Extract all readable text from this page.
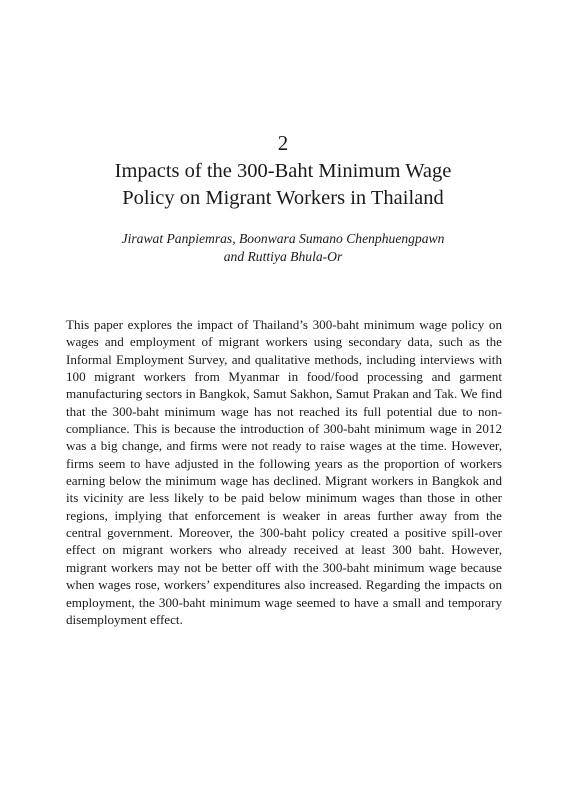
2
Impacts of the 300-Baht Minimum Wage
Policy on Migrant Workers in Thailand
Jirawat Panpiemras, Boonwara Sumano Chenphuengpawn
and Ruttiya Bhula-Or

This paper explores the impact of Thailand’s 300-baht minimum wage policy on wages and employment of migrant workers using secondary data, such as the Informal Employment Survey, and qualitative methods, including interviews with 100 migrant workers from Myanmar in food/food processing and garment manufacturing sectors in Bangkok, Samut Sakhon, Samut Prakan and Tak. We find that the 300-baht minimum wage has not reached its full potential due to non-compliance. This is because the introduction of 300-baht minimum wage in 2012 was a big change, and firms were not ready to raise wages at the time. However, firms seem to have adjusted in the following years as the proportion of workers earning below the minimum wage has declined. Migrant workers in Bangkok and its vicinity are less likely to be paid below minimum wages than those in other regions, implying that enforcement is weaker in areas further away from the central government. Moreover, the 300-baht policy created a positive spill-over effect on migrant workers who already received at least 300 baht. However, migrant workers may not be better off with the 300-baht minimum wage because when wages rose, workers’ expenditures also increased. Regarding the impacts on employment, the 300-baht minimum wage seemed to have a small and temporary disemployment effect.
